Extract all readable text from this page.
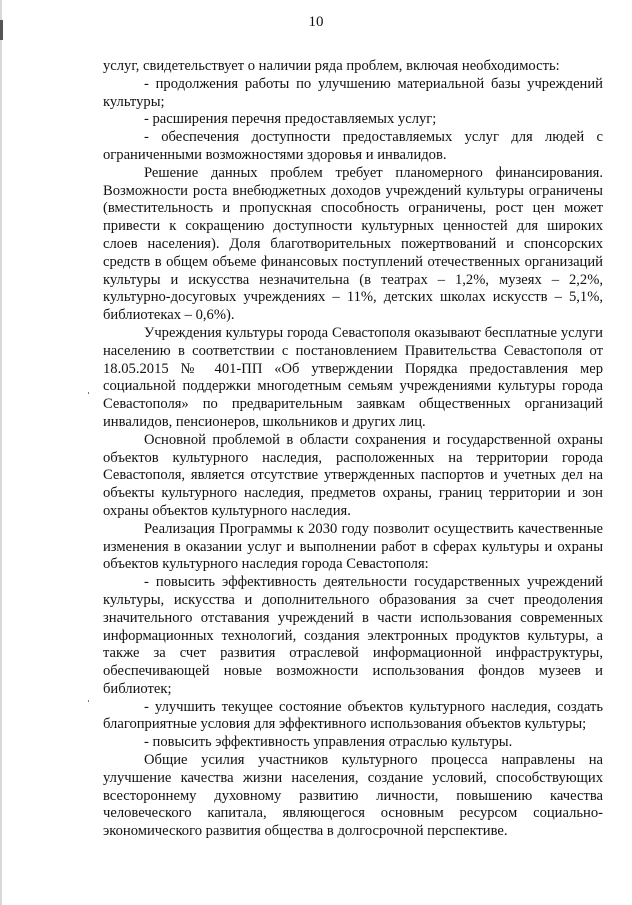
10

услуг, свидетельствует о наличии ряда проблем, включая необходимость:

- продолжения работы по улучшению материальной базы учреждений культуры;

- расширения перечня предоставляемых услуг;

- обеспечения доступности предоставляемых услуг для людей с ограниченными возможностями здоровья и инвалидов.

Решение данных проблем требует планомерного финансирования. Возможности роста внебюджетных доходов учреждений культуры ограничены (вместительность и пропускная способность ограничены, рост цен может привести к сокращению доступности культурных ценностей для широких слоев населения). Доля благотворительных пожертвований и спонсорских средств в общем объеме финансовых поступлений отечественных организаций культуры и искусства незначительна (в театрах – 1,2%, музеях – 2,2%, культурно-досуговых учреждениях – 11%, детских школах искусств – 5,1%, библиотеках – 0,6%).

Учреждения культуры города Севастополя оказывают бесплатные услуги населению в соответствии с постановлением Правительства Севастополя от 18.05.2015 № 401-ПП «Об утверждении Порядка предоставления мер социальной поддержки многодетным семьям учреждениями культуры города Севастополя» по предварительным заявкам общественных организаций инвалидов, пенсионеров, школьников и других лиц.

Основной проблемой в области сохранения и государственной охраны объектов культурного наследия, расположенных на территории города Севастополя, является отсутствие утвержденных паспортов и учетных дел на объекты культурного наследия, предметов охраны, границ территории и зон охраны объектов культурного наследия.

Реализация Программы к 2030 году позволит осуществить качественные изменения в оказании услуг и выполнении работ в сферах культуры и охраны объектов культурного наследия города Севастополя:

- повысить эффективность деятельности государственных учреждений культуры, искусства и дополнительного образования за счет преодоления значительного отставания учреждений в части использования современных информационных технологий, создания электронных продуктов культуры, а также за счет развития отраслевой информационной инфраструктуры, обеспечивающей новые возможности использования фондов музеев и библиотек;

- улучшить текущее состояние объектов культурного наследия, создать благоприятные условия для эффективного использования объектов культуры;

- повысить эффективность управления отраслью культуры.

Общие усилия участников культурного процесса направлены на улучшение качества жизни населения, создание условий, способствующих всестороннему духовному развитию личности, повышению качества человеческого капитала, являющегося основным ресурсом социально-экономического развития общества в долгосрочной перспективе.
